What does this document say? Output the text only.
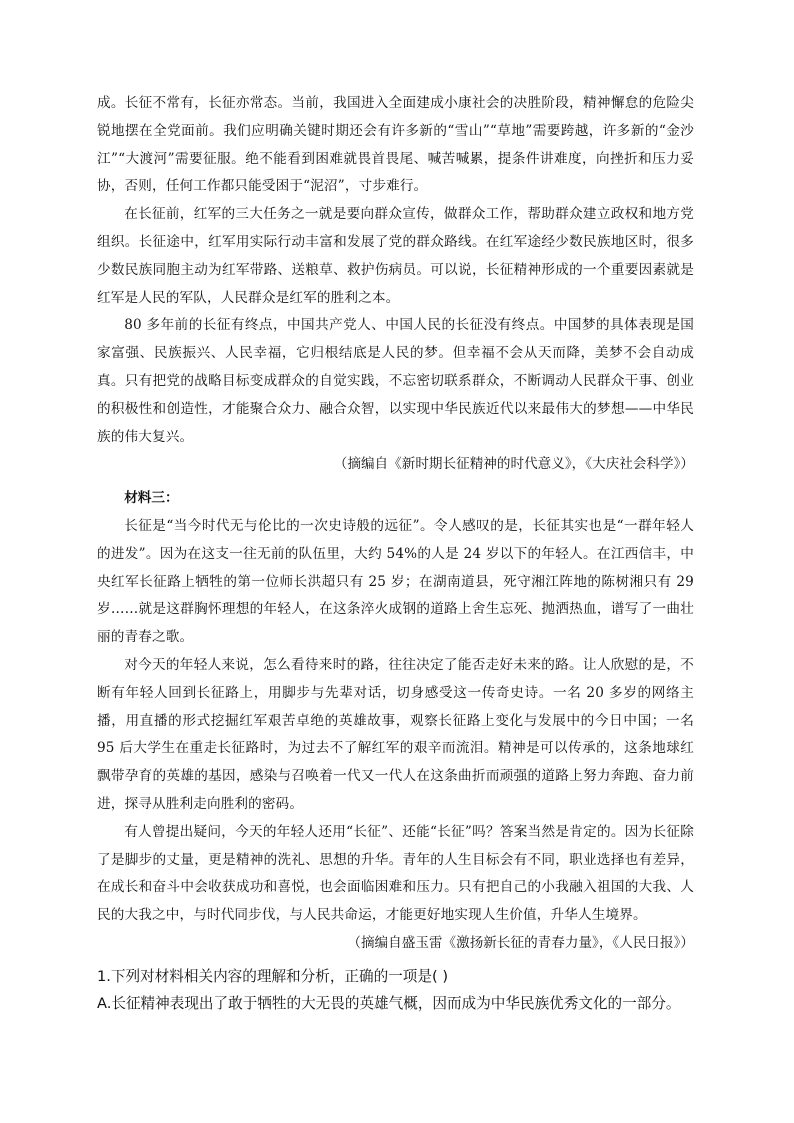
成。长征不常有，长征亦常态。当前，我国进入全面建成小康社会的决胜阶段，精神懈怠的危险尖锐地摆在全党面前。我们应明确关键时期还会有许多新的“雪山”“草地”需要跨越，许多新的“金沙江”“大渡河”需要征服。绝不能看到困难就畏首畏尾、喊苦喊累，提条件讲难度，向挫折和压力妥协，否则，任何工作都只能受困于“泥沼”，寸步难行。

在长征前，红军的三大任务之一就是要向群众宣传，做群众工作，帮助群众建立政权和地方党组织。长征途中，红军用实际行动丰富和发展了党的群众路线。在红军途经少数民族地区时，很多少数民族同胞主动为红军带路、送粮草、救护伤病员。可以说，长征精神形成的一个重要因素就是红军是人民的军队，人民群众是红军的胜利之本。

80 多年前的长征有终点，中国共产党人、中国人民的长征没有终点。中国梦的具体表现是国家富强、民族振兴、人民幸福，它归根结底是人民的梦。但幸福不会从天而降，美梦不会自动成真。只有把党的战略目标变成群众的自觉实践，不忘密切联系群众，不断调动人民群众干事、创业的积极性和创造性，才能聚合众力、融合众智，以实现中华民族近代以来最伟大的梦想——中华民族的伟大复兴。

（摘编自《新时期长征精神的时代意义》，《大庆社会科学》）

材料三：

长征是“当今时代无与伦比的一次史诗般的远征”。令人感叹的是，长征其实也是“一群年轻人的进发”。因为在这支一往无前的队伍里，大约 54%的人是 24 岁以下的年轻人。在江西信丰，中央红军长征路上牺牲的第一位师长洪超只有 25 岁；在湖南道县，死守湘江阵地的陈树湘只有 29 岁……就是这群胸怀理想的年轻人，在这条淬火成钢的道路上舍生忘死、抛洒热血，谱写了一曲壮丽的青春之歌。

对今天的年轻人来说，怎么看待来时的路，往往决定了能否走好未来的路。让人欣慰的是，不断有年轻人回到长征路上，用脚步与先辈对话，切身感受这一传奇史诗。一名 20 多岁的网络主播，用直播的形式挖掘红军艰苦卓绝的英雄故事，观察长征路上变化与发展中的今日中国；一名 95 后大学生在重走长征路时，为过去不了解红军的艰辛而流泪。精神是可以传承的，这条地球红飘带孕育的英雄的基因，感染与召唤着一代又一代人在这条曲折而顽强的道路上努力奔跑、奋力前进，探寻从胜利走向胜利的密码。

有人曾提出疑问，今天的年轻人还用“长征”、还能“长征”吗？答案当然是肯定的。因为长征除了是脚步的丈量，更是精神的洗礼、思想的升华。青年的人生目标会有不同，职业选择也有差异，在成长和奋斗中会收获成功和喜悦，也会面临困难和压力。只有把自己的小我融入祖国的大我、人民的大我之中，与时代同步伐，与人民共命运，才能更好地实现人生价值，升华人生境界。

（摘编自盛玉雷《激扬新长征的青春力量》，《人民日报》）

1.下列对材料相关内容的理解和分析，正确的一项是( )

A.长征精神表现出了敢于牺牲的大无畏的英雄气概，因而成为中华民族优秀文化的一部分。
